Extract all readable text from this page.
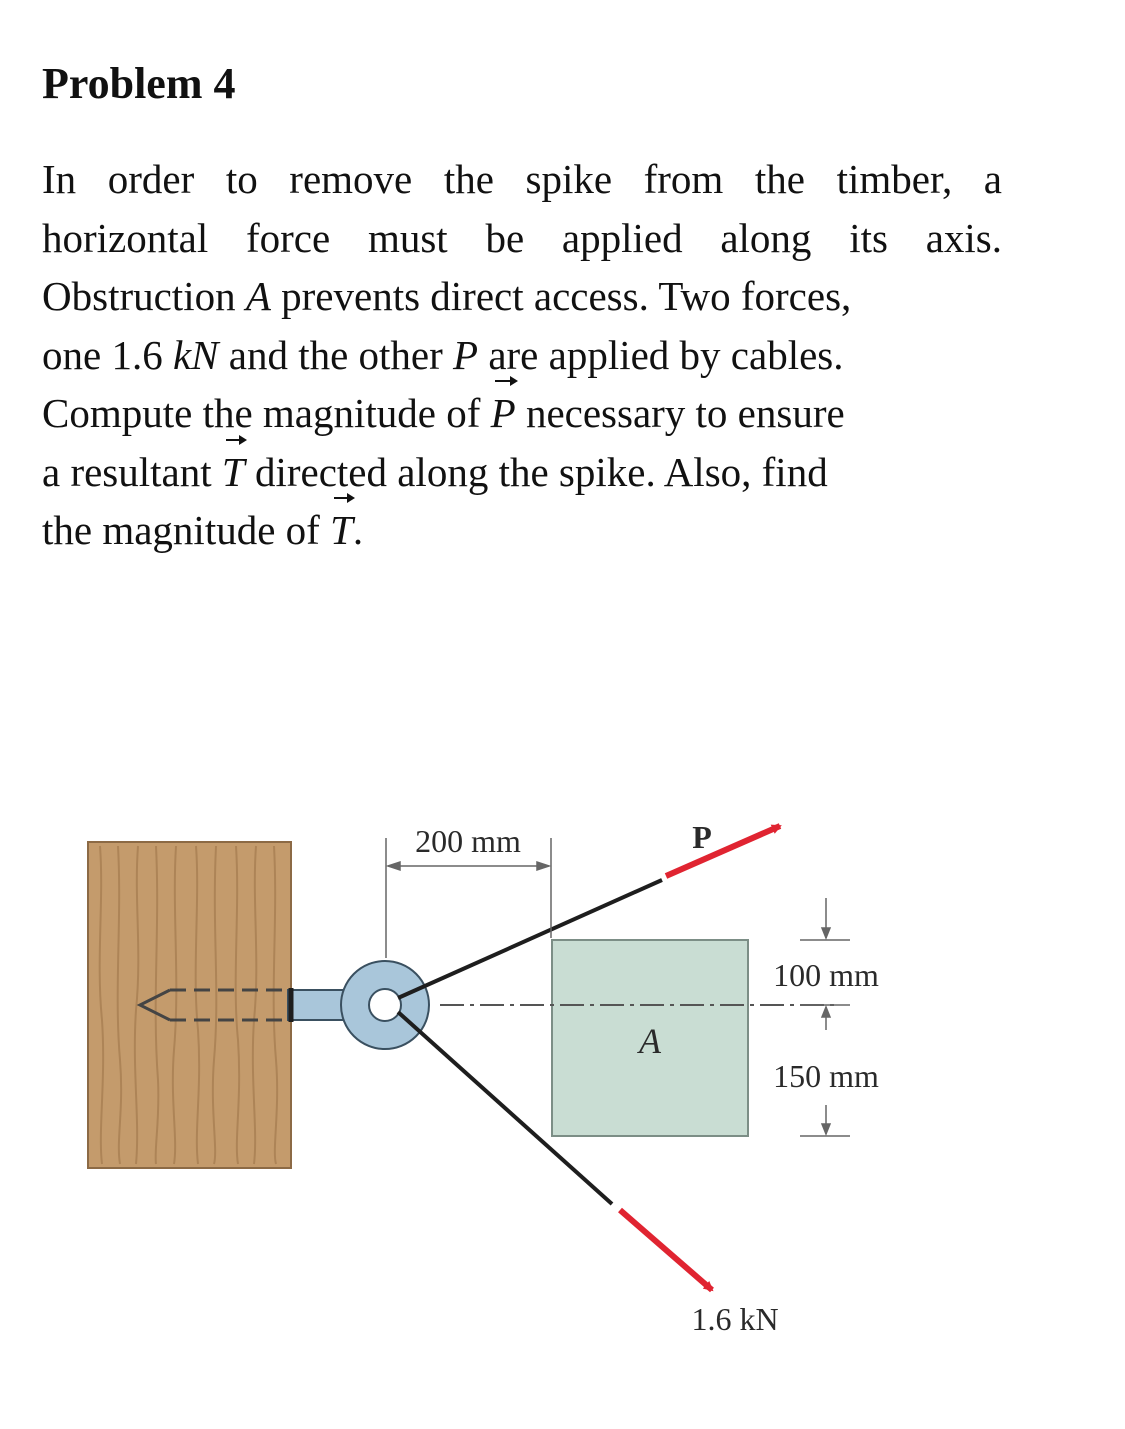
Problem 4
In order to remove the spike from the timber, a
horizontal force must be applied along its axis.
Obstruction A prevents direct access. Two forces,
one 1.6 kN and the other P are applied by cables.
Compute the magnitude of P necessary to ensure
a resultant T directed along the spike. Also, find
the magnitude of T.
A
P
1.6 kN
200 mm
100 mm
150 mm
